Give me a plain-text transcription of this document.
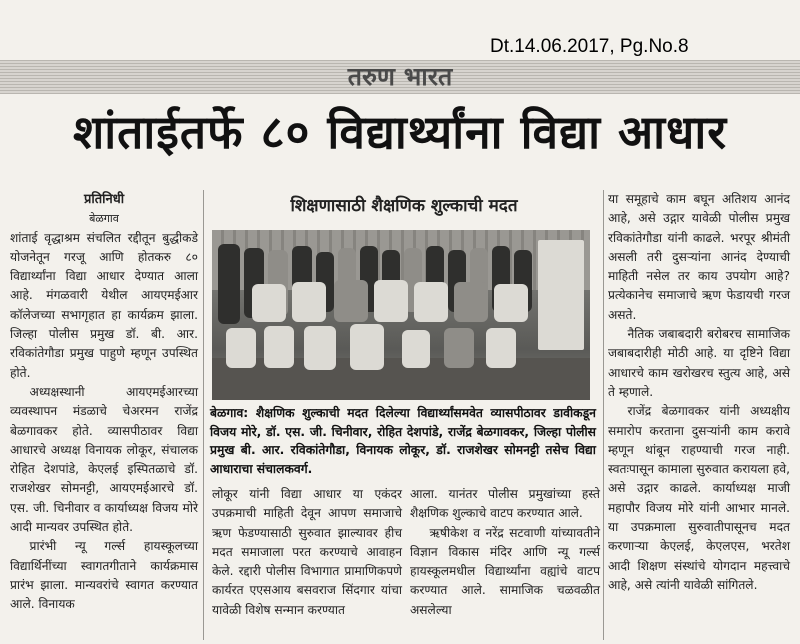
Dt.14.06.2017, Pg.No.8
तरुण भारत
शांताईतर्फे ८० विद्यार्थ्यांना विद्या आधार

प्रतिनिधी

बेळगाव

शांताई वृद्धाश्रम संचलित रद्दीतून बुद्धीकडे योजनेतून गरजू आणि होतकरु ८० विद्यार्थ्यांना विद्या आधार देण्यात आला आहे. मंगळवारी येथील आयएमईआर कॉलेजच्या सभागृहात हा कार्यक्रम झाला. जिल्हा पोलीस प्रमुख डॉ. बी. आर. रविकांतेगौडा प्रमुख पाहुणे म्हणून उपस्थित होते.

अध्यक्षस्थानी आयएमईआरच्या व्यवस्थापन मंडळाचे चेअरमन राजेंद्र बेळगावकर होते. व्यासपीठावर विद्या आधारचे अध्यक्ष विनायक लोकूर, संचालक रोहित देशपांडे, केएलई इस्पितळाचे डॉ. राजशेखर सोमनट्टी, आयएमईआरचे डॉ. एस. जी. चिनीवार व कार्याध्यक्ष विजय मोरे आदी मान्यवर उपस्थित होते.

प्रारंभी न्यू गर्ल्स हायस्कूलच्या विद्यार्थिनींच्या स्वागतगीताने कार्यक्रमास प्रारंभ झाला. मान्यवरांचे स्वागत करण्यात आले. विनायक

शिक्षणासाठी शैक्षणिक शुल्काची मदत
बेळगाव: शैक्षणिक शुल्काची मदत दिलेल्या विद्यार्थ्यांसमवेत व्यासपीठावर डावीकडून विजय मोरे, डॉ. एस. जी. चिनीवार, रोहित देशपांडे, राजेंद्र बेळगावकर, जिल्हा पोलीस प्रमुख बी. आर. रविकांतेगौडा, विनायक लोकूर, डॉ. राजशेखर सोमनट्टी तसेच विद्या आधाराचा संचालकवर्ग.

लोकूर यांनी विद्या आधार या एकंदर उपक्रमाची माहिती देवून आपण समाजाचे ऋण फेडण्यासाठी सुरुवात झाल्यावर हीच मदत समाजाला परत करण्याचे आवाहन केले. रद्दारी पोलीस विभागात प्रामाणिकपणे कार्यरत एएसआय बसवराज सिंदगार यांचा यावेळी विशेष सन्मान करण्यात

आला. यानंतर पोलीस प्रमुखांच्या हस्ते शैक्षणिक शुल्काचे वाटप करण्यात आले.

ऋषीकेश व नरेंद्र सटवाणी यांच्यावतीने विज्ञान विकास मंदिर आणि न्यू गर्ल्स हायस्कूलमधील विद्यार्थ्यांना वह्यांचे वाटप करण्यात आले. सामाजिक चळवळीत असलेल्या

या समूहाचे काम बघून अतिशय आनंद आहे, असे उद्गार यावेळी पोलीस प्रमुख रविकांतेगौडा यांनी काढले. भरपूर श्रीमंती असली तरी दुसऱ्यांना आनंद देण्याची माहिती नसेल तर काय उपयोग आहे? प्रत्येकानेच समाजाचे ऋण फेडायची गरज असते.

नैतिक जबाबदारी बरोबरच सामाजिक जबाबदारीही मोठी आहे. या दृष्टिने विद्या आधारचे काम खरोखरच स्तुत्य आहे, असे ते म्हणाले.

राजेंद्र बेळगावकर यांनी अध्यक्षीय समारोप करताना दुसऱ्यांनी काम करावे म्हणून थांबून राहण्याची गरज नाही. स्वतःपासून कामाला सुरुवात करायला हवे, असे उद्गार काढले. कार्याध्यक्ष माजी महापौर विजय मोरे यांनी आभार मानले. या उपक्रमाला सुरुवातीपासूनच मदत करणाऱ्या केएलई, केएलएस, भरतेश आदी शिक्षण संस्थांचे योगदान महत्त्वाचे आहे, असे त्यांनी यावेळी सांगितले.
